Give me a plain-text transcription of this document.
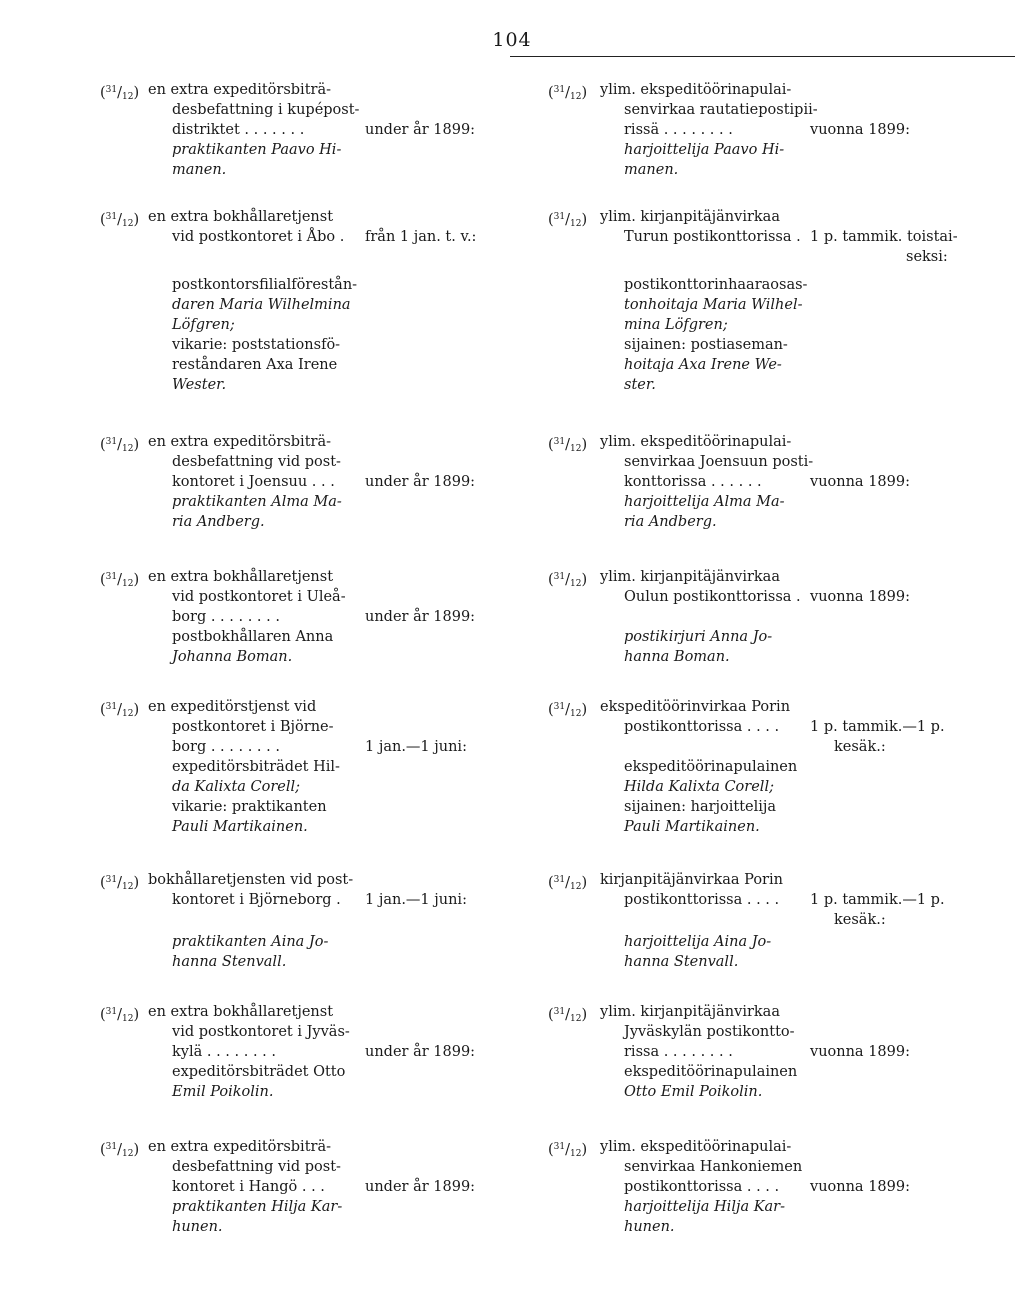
104
$(^{31}/_{12})$ en extra expeditörsbiträ-
desbefattning i kupépost-
distriktet . . . . . . .	under år 1899:
praktikanten Paavo Hi-
manen.
$(^{31}/_{12})$ en extra bokhållaretjenst
vid postkontoret i Åbo . från 1 jan. t. v.:
postkontorsfilialförestån-
daren Maria Wilhelmina
Löfgren;
vikarie: poststationsfö-
reståndaren Axa Irene
Wester.
$(^{31}/_{12})$ en extra expeditörsbiträ-
desbefattning vid post-
kontoret i Joensuu . . . under år 1899:
praktikanten Alma Ma-
ria Andberg.
$(^{31}/_{12})$ en extra bokhållaretjenst
vid postkontoret i Uleå-
borg . . . . . . . .	under år 1899:
postbokhållaren Anna
Johanna Boman.
$(^{31}/_{12})$ en expeditörstjenst vid
postkontoret i Björne-
borg . . . . . . . .	1 jan.—1 juni:
expeditörsbiträdet Hil-
da Kalixta Corell;
vikarie: praktikanten
Pauli Martikainen.
$(^{31}/_{12})$ bokhållaretjensten vid post-
kontoret i Björneborg . 1 jan.—1 juni:
praktikanten Aina Jo-
hanna Stenvall.
$(^{31}/_{12})$ en extra bokhållaretjenst
vid postkontoret i Jyväs-
kylä . . . . . . . .	under år 1899:
expeditörsbiträdet Otto
Emil Poikolin.
$(^{31}/_{12})$ en extra expeditörsbiträ-
desbefattning vid post-
kontoret i Hangö . . .	under år 1899:
praktikanten Hilja Kar-
hunen.
$(^{31}/_{12})$ ylim. ekspeditöörinapulai-
senvirkaa rautatiepostipii-
rissä . . . . . . . .	vuonna 1899:
harjoittelija Paavo Hi-
manen.
$(^{31}/_{12})$ ylim. kirjanpitäjänvirkaa
Turun postikonttorissa . 1 p. tammik. toistai-
seksi:
postikonttorinhaaraosas-
tonhoitaja Maria Wilhel-
mina Löfgren;
sijainen: postiaseman-
hoitaja Axa Irene We-
ster.
$(^{31}/_{12})$ ylim. ekspeditöörinapulai-
senvirkaa Joensuun posti-
konttorissa . . . . . .	vuonna 1899:
harjoittelija Alma Ma-
ria Andberg.
$(^{31}/_{12})$ ylim. kirjanpitäjänvirkaa
Oulun postikonttorissa . vuonna 1899:
postikirjuri Anna Jo-
hanna Boman.
$(^{31}/_{12})$ ekspeditöörinvirkaa Porin
postikonttorissa . . . . 1 p. tammik.—1 p.
kesäk.:
ekspeditöörinapulainen
Hilda Kalixta Corell;
sijainen: harjoittelija
Pauli Martikainen.
$(^{31}/_{12})$ kirjanpitäjänvirkaa Porin
postikonttorissa . . . . 1 p. tammik.—1 p.
kesäk.:
harjoittelija Aina Jo-
hanna Stenvall.
$(^{31}/_{12})$ ylim. kirjanpitäjänvirkaa
Jyväskylän postikontto-
rissa . . . . . . . .	vuonna 1899:
ekspeditöörinapulainen
Otto Emil Poikolin.
$(^{31}/_{12})$ ylim. ekspeditöörinapulai-
senvirkaa Hankoniemen
postikonttorissa . . . . vuonna 1899:
harjoittelija Hilja Kar-
hunen.
